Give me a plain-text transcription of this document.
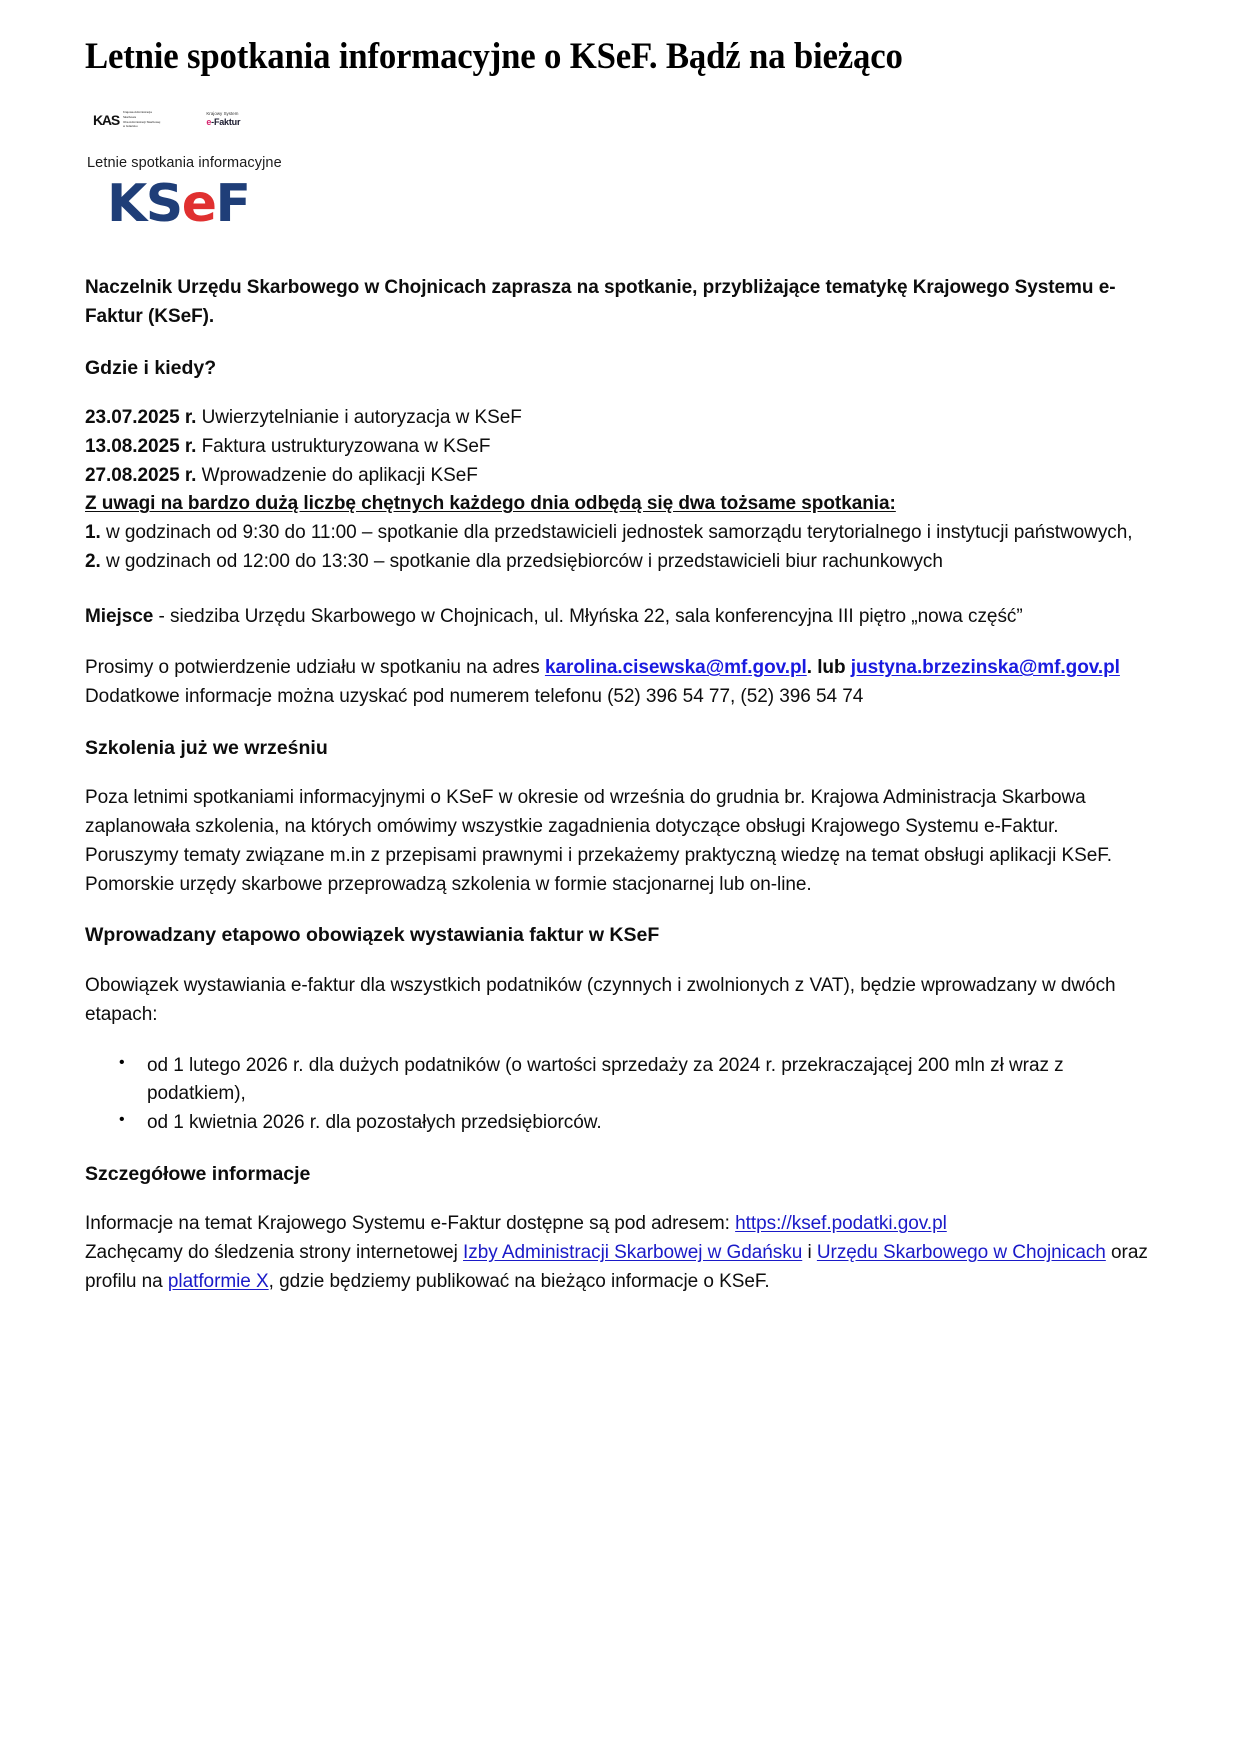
Letnie spotkania informacyjne o KSeF. Bądź na bieżąco
KAS Krajowa Administracja
Skarbowa
Izba Administracji Skarbowej
w Gdańsku
Krajowy System
e-Faktur
Letnie spotkania informacyjne
KSeF

Naczelnik Urzędu Skarbowego w Chojnicach zaprasza na spotkanie, przybliżające tematykę Krajowego Systemu e-Faktur (KSeF).

Gdzie i kiedy?

23.07.2025 r. Uwierzytelnianie i autoryzacja w KSeF

13.08.2025 r. Faktura ustrukturyzowana w KSeF

27.08.2025 r. Wprowadzenie do aplikacji KSeF

Z uwagi na bardzo dużą liczbę chętnych każdego dnia odbędą się dwa tożsame spotkania:

1. w godzinach od 9:30 do 11:00 – spotkanie dla przedstawicieli jednostek samorządu terytorialnego i instytucji państwowych,

2. w godzinach od 12:00 do 13:30 – spotkanie dla przedsiębiorców i przedstawicieli biur rachunkowych

Miejsce - siedziba Urzędu Skarbowego w Chojnicach, ul. Młyńska 22, sala konferencyjna III piętro „nowa część”

Prosimy o potwierdzenie udziału w spotkaniu na adres karolina.cisewska@mf.gov.pl. lub justyna.brzezinska@mf.gov.pl Dodatkowe informacje można uzyskać pod numerem telefonu (52) 396 54 77, (52) 396 54 74

Szkolenia już we wrześniu

Poza letnimi spotkaniami informacyjnymi o KSeF w okresie od września do grudnia br. Krajowa Administracja Skarbowa zaplanowała szkolenia, na których omówimy wszystkie zagadnienia dotyczące obsługi Krajowego Systemu e-Faktur. Poruszymy tematy związane m.in z przepisami prawnymi i przekażemy praktyczną wiedzę na temat obsługi aplikacji KSeF. Pomorskie urzędy skarbowe przeprowadzą szkolenia w formie stacjonarnej lub on-line.

Wprowadzany etapowo obowiązek wystawiania faktur w KSeF

Obowiązek wystawiania e-faktur dla wszystkich podatników (czynnych i zwolnionych z VAT), będzie wprowadzany w dwóch etapach:

• od 1 lutego 2026 r. dla dużych podatników (o wartości sprzedaży za 2024 r. przekraczającej 200 mln zł wraz z podatkiem),
• od 1 kwietnia 2026 r. dla pozostałych przedsiębiorców.
Szczegółowe informacje

Informacje na temat Krajowego Systemu e-Faktur dostępne są pod adresem: https://ksef.podatki.gov.pl
Zachęcamy do śledzenia strony internetowej Izby Administracji Skarbowej w Gdańsku i Urzędu Skarbowego w Chojnicach oraz profilu na platformie X, gdzie będziemy publikować na bieżąco informacje o KSeF.
